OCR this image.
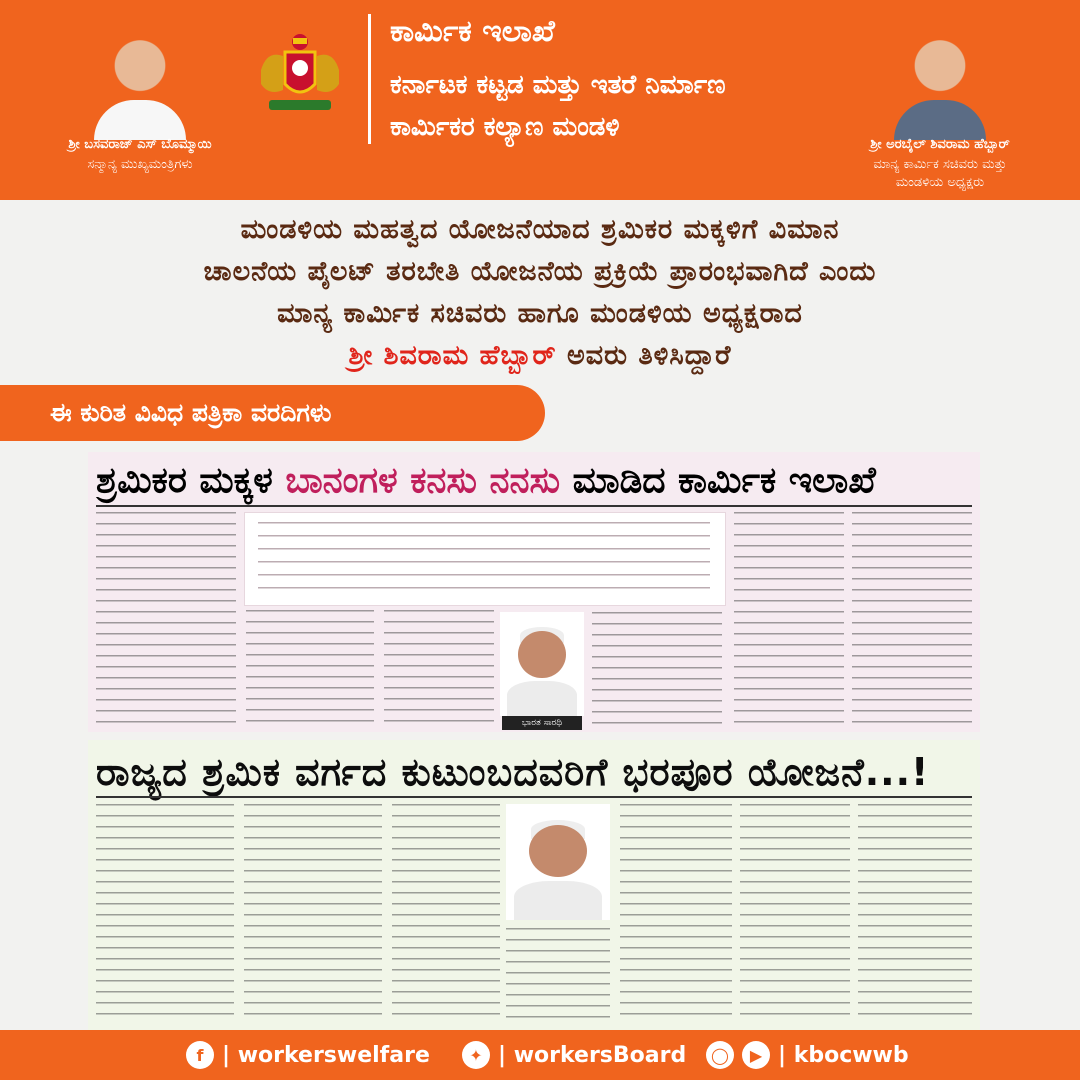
ಶ್ರೀ ಬಸವರಾಜ್ ಎಸ್ ಬೊಮ್ಮಾಯಿ
ಸನ್ಮಾನ್ಯ ಮುಖ್ಯಮಂತ್ರಿಗಳು
ಕಾರ್ಮಿಕ ಇಲಾಖೆ
ಕರ್ನಾಟಕ ಕಟ್ಟಡ ಮತ್ತು ಇತರೆ ನಿರ್ಮಾಣ
ಕಾರ್ಮಿಕರ ಕಲ್ಯಾಣ ಮಂಡಳಿ
ಶ್ರೀ ಅರಬೈಲ್ ಶಿವರಾಮ ಹೆಬ್ಬಾರ್
ಮಾನ್ಯ ಕಾರ್ಮಿಕ ಸಚಿವರು ಮತ್ತು
ಮಂಡಳಿಯ ಅಧ್ಯಕ್ಷರು
ಮಂಡಳಿಯ ಮಹತ್ವದ ಯೋಜನೆಯಾದ ಶ್ರಮಿಕರ ಮಕ್ಕಳಿಗೆ ವಿಮಾನ
ಚಾಲನೆಯ ಪೈಲಟ್ ತರಬೇತಿ ಯೋಜನೆಯ ಪ್ರಕ್ರಿಯೆ ಪ್ರಾರಂಭವಾಗಿದೆ ಎಂದು
ಮಾನ್ಯ ಕಾರ್ಮಿಕ ಸಚಿವರು ಹಾಗೂ ಮಂಡಳಿಯ ಅಧ್ಯಕ್ಷರಾದ
ಶ್ರೀ ಶಿವರಾಮ ಹೆಬ್ಬಾರ್ ಅವರು ತಿಳಿಸಿದ್ದಾರೆ
ಈ ಕುರಿತ ವಿವಿಧ ಪತ್ರಿಕಾ ವರದಿಗಳು
ಶ್ರಮಿಕರ ಮಕ್ಕಳ ಬಾನಂಗಳ ಕನಸು ನನಸು ಮಾಡಿದ ಕಾರ್ಮಿಕ ಇಲಾಖೆ
ಭಾರತ ಸಾರಥಿ
ರಾಜ್ಯದ ಶ್ರಮಿಕ ವರ್ಗದ ಕುಟುಂಬದವರಿಗೆ ಭರಪೂರ ಯೋಜನೆ...!
f | workerswelfare	✦ | workersBoard	◯	▶ | kbocwwb
